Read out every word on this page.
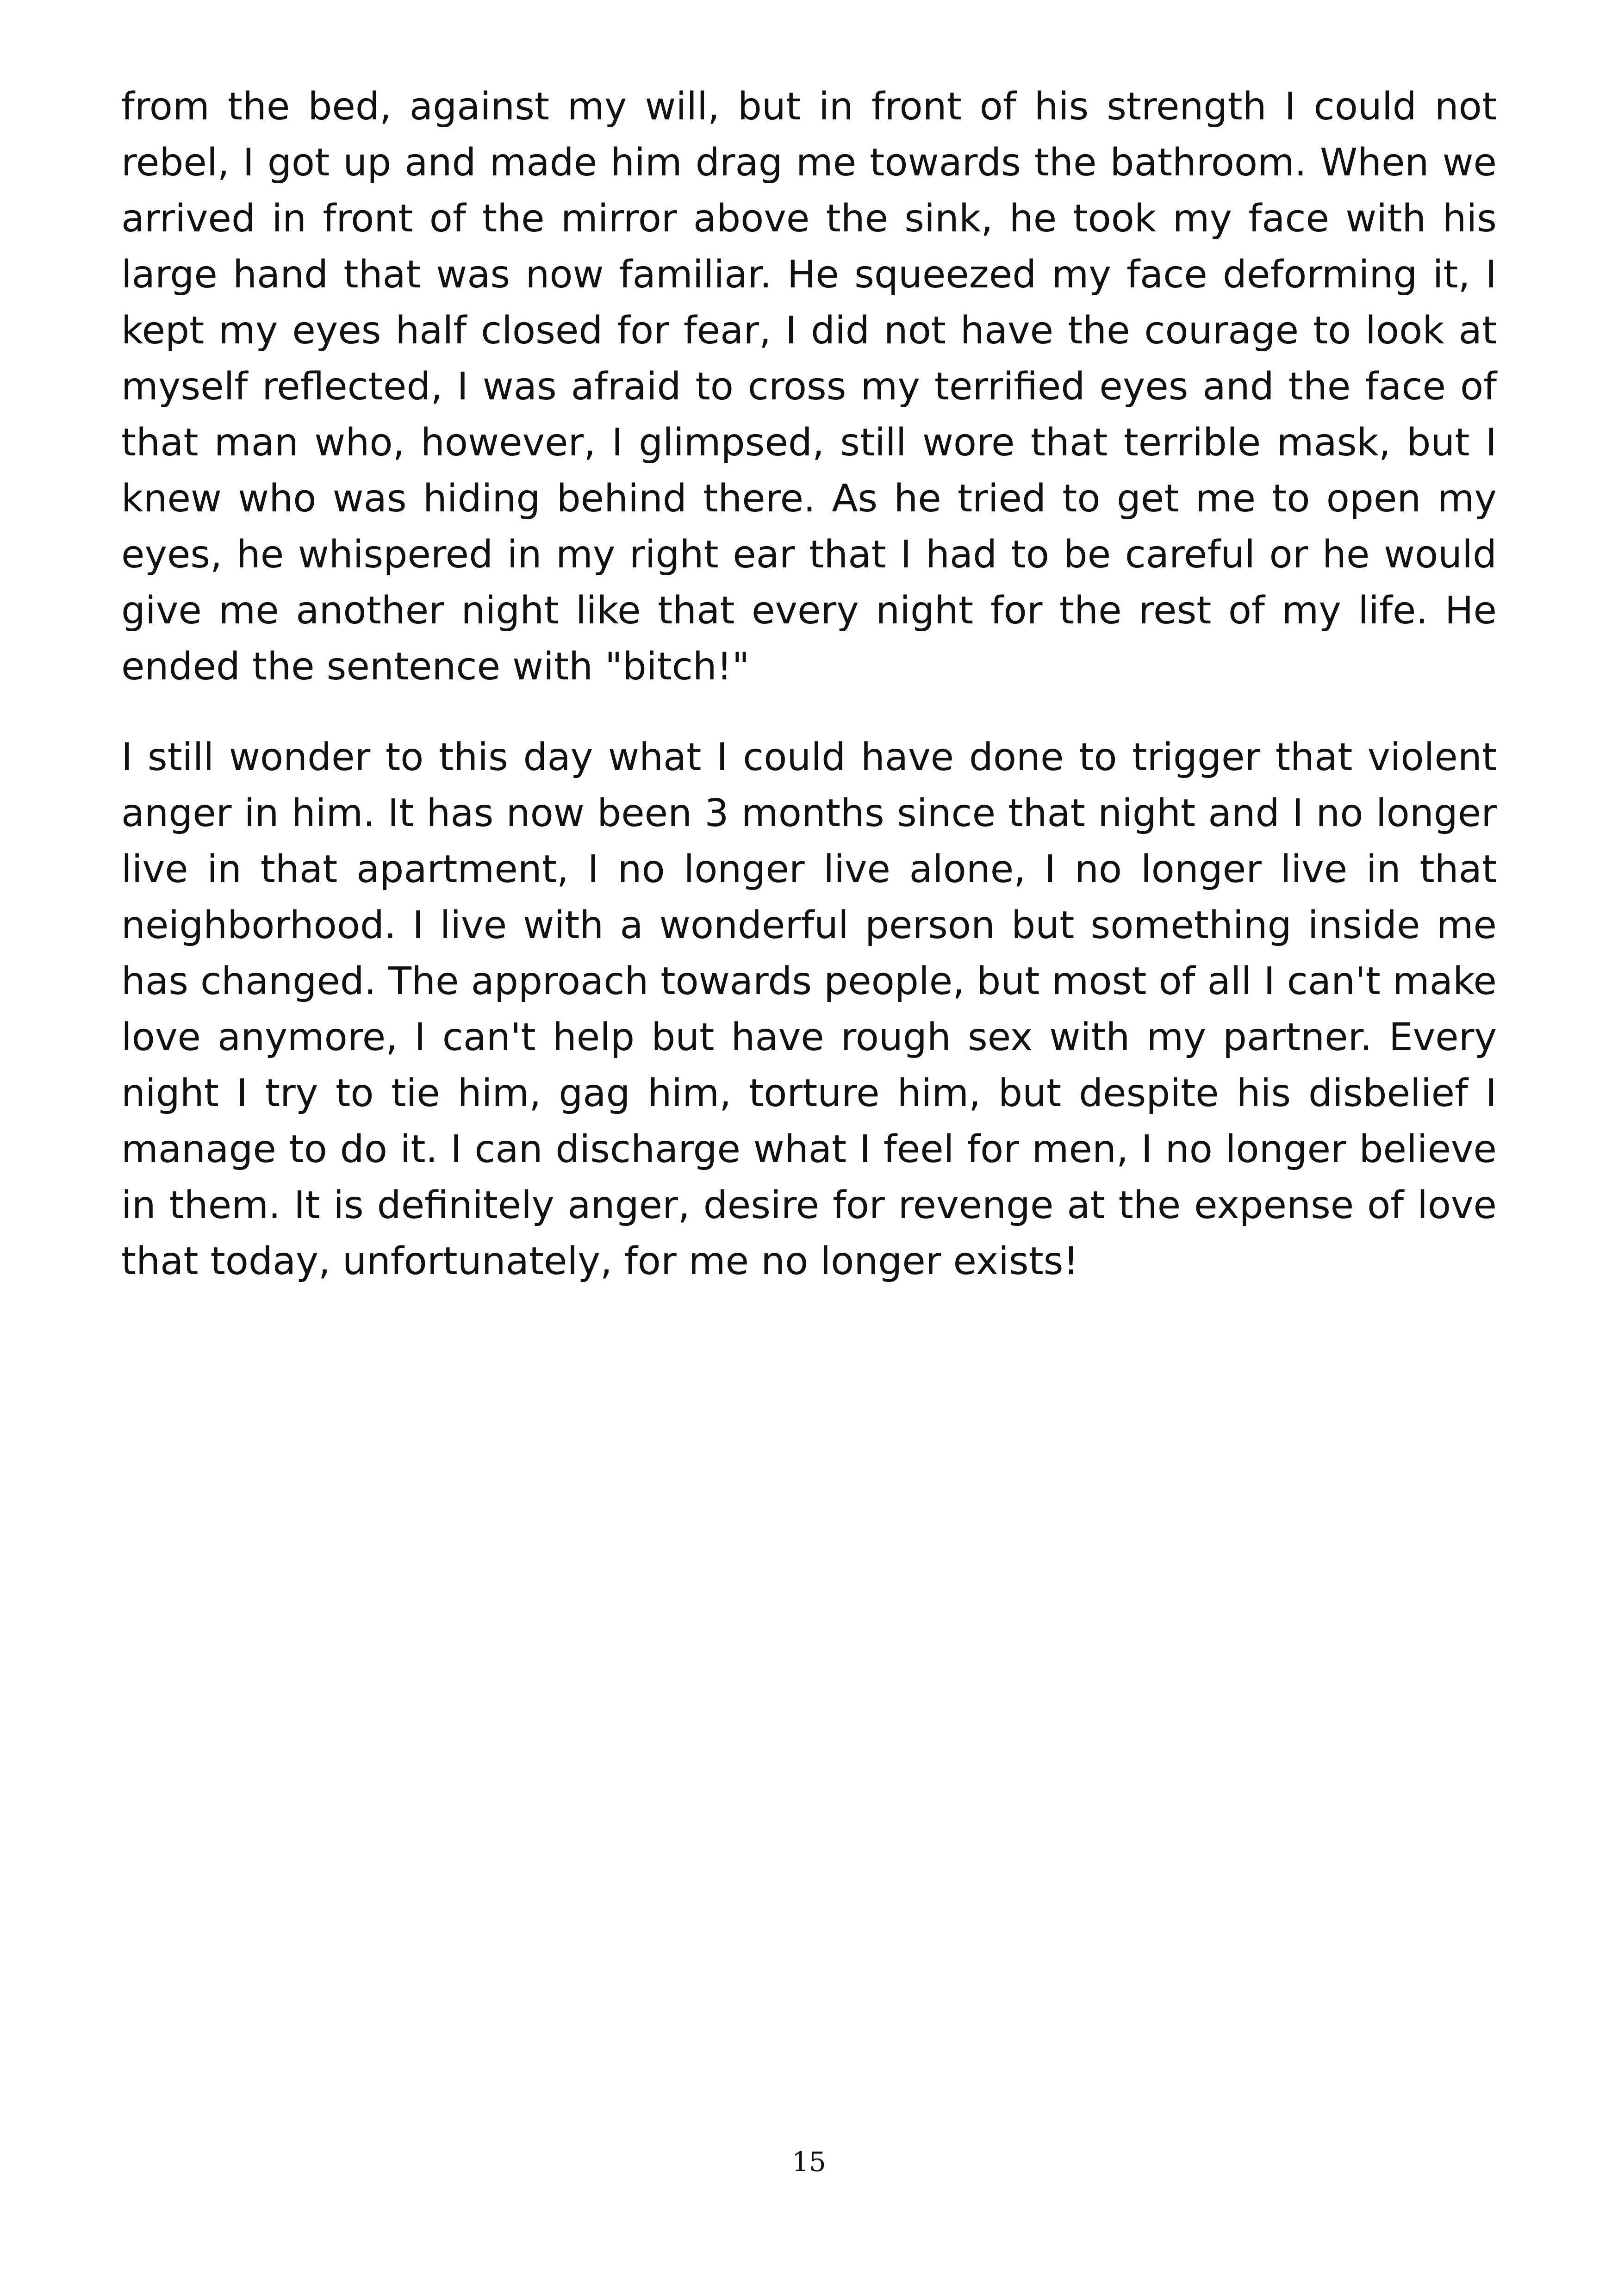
from the bed, against my will, but in front of his strength I could not rebel, I got up and made him drag me towards the bathroom. When we arrived in front of the mirror above the sink, he took my face with his large hand that was now familiar. He squeezed my face deforming it, I kept my eyes half closed for fear, I did not have the courage to look at myself reflected, I was afraid to cross my terrified eyes and the face of that man who, however, I glimpsed, still wore that terrible mask, but I knew who was hiding behind there. As he tried to get me to open my eyes, he whispered in my right ear that I had to be careful or he would give me another night like that every night for the rest of my life. He ended the sentence with "bitch!"

I still wonder to this day what I could have done to trigger that violent anger in him. It has now been 3 months since that night and I no longer live in that apartment, I no longer live alone, I no longer live in that neighborhood. I live with a wonderful person but something inside me has changed. The approach towards people, but most of all I can't make love anymore, I can't help but have rough sex with my partner. Every night I try to tie him, gag him, torture him, but despite his disbelief I manage to do it. I can discharge what I feel for men, I no longer believe in them. It is definitely anger, desire for revenge at the expense of love that today, unfortunately, for me no longer exists!

15
